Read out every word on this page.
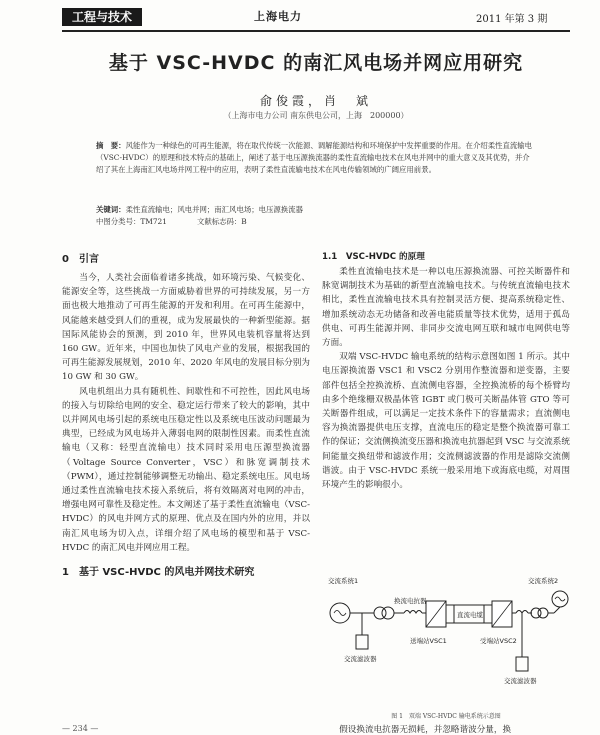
工程与技术	上海电力	2011 年第 3 期
基于 VSC-HVDC 的南汇风电场并网应用研究
俞俊霞，肖　斌
（上海市电力公司 南东供电公司，上海　200000）
摘　要：风能作为一种绿色的可再生能源，将在取代传统一次能源、调解能源结构和环境保护中发挥重要的作用。在介绍柔性直流输电（VSC-HVDC）的原理和技术特点的基础上，阐述了基于电压源换流器的柔性直流输电技术在风电并网中的重大意义及其优势，并介绍了其在上海南汇风电场并网工程中的应用，表明了柔性直流输电技术在风电传输领域的广阔应用前景。
关键词：柔性直流输电；风电并网；南汇风电场；电压源换流器
中图分类号：TM721	文献标志码：B
0　引言

当今，人类社会面临着诸多挑战，如环境污染、气候变化、能源安全等，这些挑战一方面威胁着世界的可持续发展，另一方面也极大地推动了可再生能源的开发和利用。在可再生能源中，风能越来越受到人们的重视，成为发展最快的一种新型能源。据国际风能协会的预测，到 2010 年，世界风电装机容量将达到 160 GW。近年来，中国也加快了风电产业的发展，根据我国的可再生能源发展规划，2010 年、2020 年风电的发展目标分别为 10 GW 和 30 GW。

风电机组出力具有随机性、间歇性和不可控性，因此风电场的接入与切除给电网的安全、稳定运行带来了较大的影响，其中以并网风电场引起的系统电压稳定性以及系统电压波动问题最为典型，已经成为风电场并入薄弱电网的限制性因素。而柔性直流输电（又称：轻型直流输电）技术同时采用电压源型换流器（Voltage Source Converter，VSC）和脉宽调制技术（PWM），通过控制能够调整无功输出、稳定系统电压。风电场通过柔性直流输电技术接入系统后，将有效隔离对电网的冲击，增强电网可靠性及稳定性。本文阐述了基于柔性直流输电（VSC-HVDC）的风电并网方式的原理、优点及在国内外的应用，并以南汇风电场为切入点，详细介绍了风电场的模型和基于 VSC-HVDC 的南汇风电并网应用工程。

1　基于 VSC-HVDC 的风电并网技术研究
1.1　VSC-HVDC 的原理

柔性直流输电技术是一种以电压源换流器、可控关断器件和脉宽调制技术为基础的新型直流输电技术。与传统直流输电技术相比，柔性直流输电技术具有控制灵活方便、提高系统稳定性、增加系统动态无功储备和改善电能质量等技术优势，适用于孤岛供电、可再生能源并网、非同步交流电网互联和城市电网供电等方面。

双端 VSC-HVDC 输电系统的结构示意图如图 1 所示。其中电压源换流器 VSC1 和 VSC2 分别用作整流器和逆变器，主要部件包括全控换流桥、直流侧电容器，全控换流桥的每个桥臂均由多个绝缘栅双极晶体管 IGBT 或门极可关断晶体管 GTO 等可关断器件组成，可以满足一定技术条件下的容量需求；直流侧电容为换流器提供电压支撑，直流电压的稳定是整个换流器可靠工作的保证；交流侧换流变压器和换流电抗器起到 VSC 与交流系统间能量交换纽带和滤波作用；交流侧滤波器的作用是滤除交流侧谐波。由于 VSC-HVDC 系统一般采用地下或海底电缆，对周围环境产生的影响很小。

交流系统1
换流电抗器
交流滤波器
送端站VSC1
直流电缆
受端站VSC2
交流系统2
交流滤波器
图 1　双端 VSC-HVDC 输电系统示意图
假设换流电抗器无损耗，并忽略谐波分量，换
— 234 —
